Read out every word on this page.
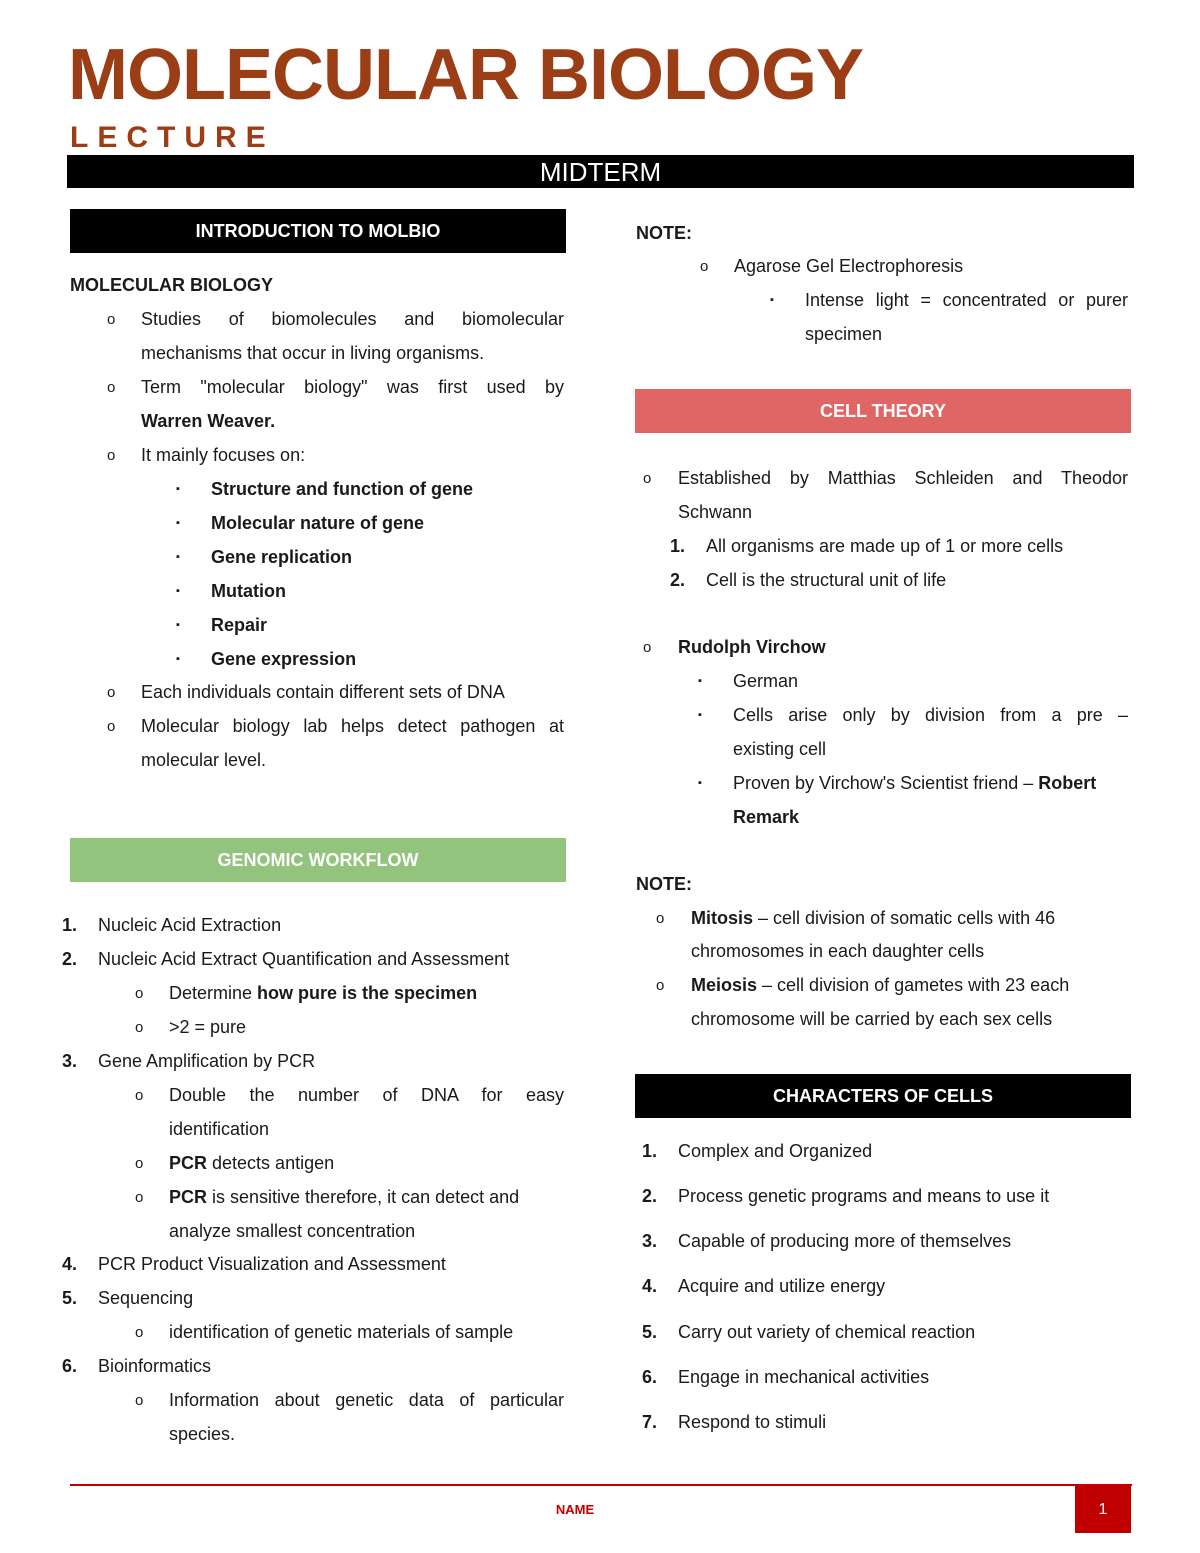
MOLECULAR BIOLOGY
LECTURE
MIDTERM
INTRODUCTION TO MOLBIO
MOLECULAR BIOLOGY
o Studies of biomolecules and biomolecular
mechanisms that occur in living organisms.
o Term "molecular biology" was first used by
Warren Weaver.
o It mainly focuses on:
▪ Structure and function of gene
▪ Molecular nature of gene
▪ Gene replication
▪ Mutation
▪ Repair
▪ Gene expression
o Each individuals contain different sets of DNA
o Molecular biology lab helps detect pathogen at
molecular level.
GENOMIC WORKFLOW
1. Nucleic Acid Extraction
2. Nucleic Acid Extract Quantification and Assessment
o Determine how pure is the specimen
o >2 = pure
3. Gene Amplification by PCR
o Double the number of DNA for easy
identification
o PCR detects antigen
o PCR is sensitive therefore, it can detect and
analyze smallest concentration
4. PCR Product Visualization and Assessment
5. Sequencing
o identification of genetic materials of sample
6. Bioinformatics
o Information about genetic data of particular
species.
NOTE:
o Agarose Gel Electrophoresis
▪ Intense light = concentrated or purer
specimen
CELL THEORY
o Established by Matthias Schleiden and Theodor
Schwann
1. All organisms are made up of 1 or more cells
2. Cell is the structural unit of life
o Rudolph Virchow
▪ German
▪ Cells arise only by division from a pre –
existing cell
▪ Proven by Virchow's Scientist friend – Robert
Remark
NOTE:
o Mitosis – cell division of somatic cells with 46
chromosomes in each daughter cells
o Meiosis – cell division of gametes with 23 each
chromosome will be carried by each sex cells
CHARACTERS OF CELLS
1. Complex and Organized
2. Process genetic programs and means to use it
3. Capable of producing more of themselves
4. Acquire and utilize energy
5. Carry out variety of chemical reaction
6. Engage in mechanical activities
7. Respond to stimuli
NAME	1
